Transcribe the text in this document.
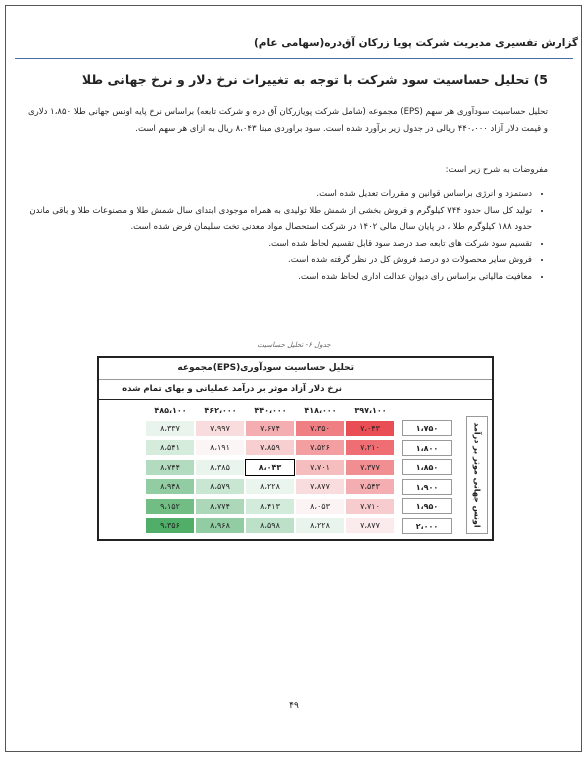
گزارش تفسیری مدیریت شرکت پویا زرکان آق‌دره(سهامی عام)
5) تحلیل حساسیت سود شرکت با توجه به تغییرات نرخ دلار و نرخ جهانی طلا
تحلیل حساسیت سودآوری هر سهم (EPS) مجموعه (شامل شرکت پویازرکان آق دره و شرکت تابعه) براساس نرخ پایه اونس جهانی طلا ۱،۸۵۰ دلاری و قیمت دلار آزاد ۴۴۰،۰۰۰ ریالی در جدول زیر برآورد شده است. سود براوردی مبنا ۸،۰۴۳ ریال به ازای هر سهم است.
مفروضات به شرح زیر است:
• دستمزد و انرژی براساس قوانین و مقررات تعدیل شده است.
• تولید کل سال حدود ۷۴۴ کیلوگرم و فروش بخشی از شمش طلا تولیدی به همراه موجودی ابتدای سال شمش طلا و مصنوعات طلا و باقی ماندن حدود ۱۸۸ کیلوگرم طلا ، در پایان سال مالی ۱۴۰۲ در شرکت استحصال مواد معدنی تخت سلیمان فرض شده است.
• تقسیم سود شرکت های تابعه صد درصد سود قابل تقسیم لحاظ شده است.
• فروش سایر محصولات دو درصد فروش کل در نظر گرفته شده است.
• معافیت مالیاتی براساس رای دیوان عدالت اداری لحاظ شده است.
جدول ۶- تحلیل حساسیت
تحلیل حساسیت سودآوری(EPS)مجموعه
نرخ دلار آزاد موثر بر درآمد عملیاتی و بهای تمام شده
اونس جهانی موثر بر درآمد
۳۹۷،۱۰۰
۴۱۸،۰۰۰
۴۴۰،۰۰۰
۴۶۲،۰۰۰
۴۸۵،۱۰۰
۱،۷۵۰
۷،۰۴۳
۷،۳۵۰
۷،۶۷۴
۷،۹۹۷
۸،۳۳۷
۱،۸۰۰
۷،۲۱۰
۷،۵۲۶
۷،۸۵۹
۸،۱۹۱
۸،۵۴۱
۱،۸۵۰
۷،۳۷۷
۷،۷۰۱
۸،۰۴۳
۸،۳۸۵
۸،۷۴۴
۱،۹۰۰
۷،۵۴۳
۷،۸۷۷
۸،۲۲۸
۸،۵۷۹
۸،۹۴۸
۱،۹۵۰
۷،۷۱۰
۸،۰۵۳
۸،۴۱۳
۸،۷۷۴
۹،۱۵۲
۲،۰۰۰
۷،۸۷۷
۸،۲۲۸
۸،۵۹۸
۸،۹۶۸
۹،۳۵۶
۴۹
